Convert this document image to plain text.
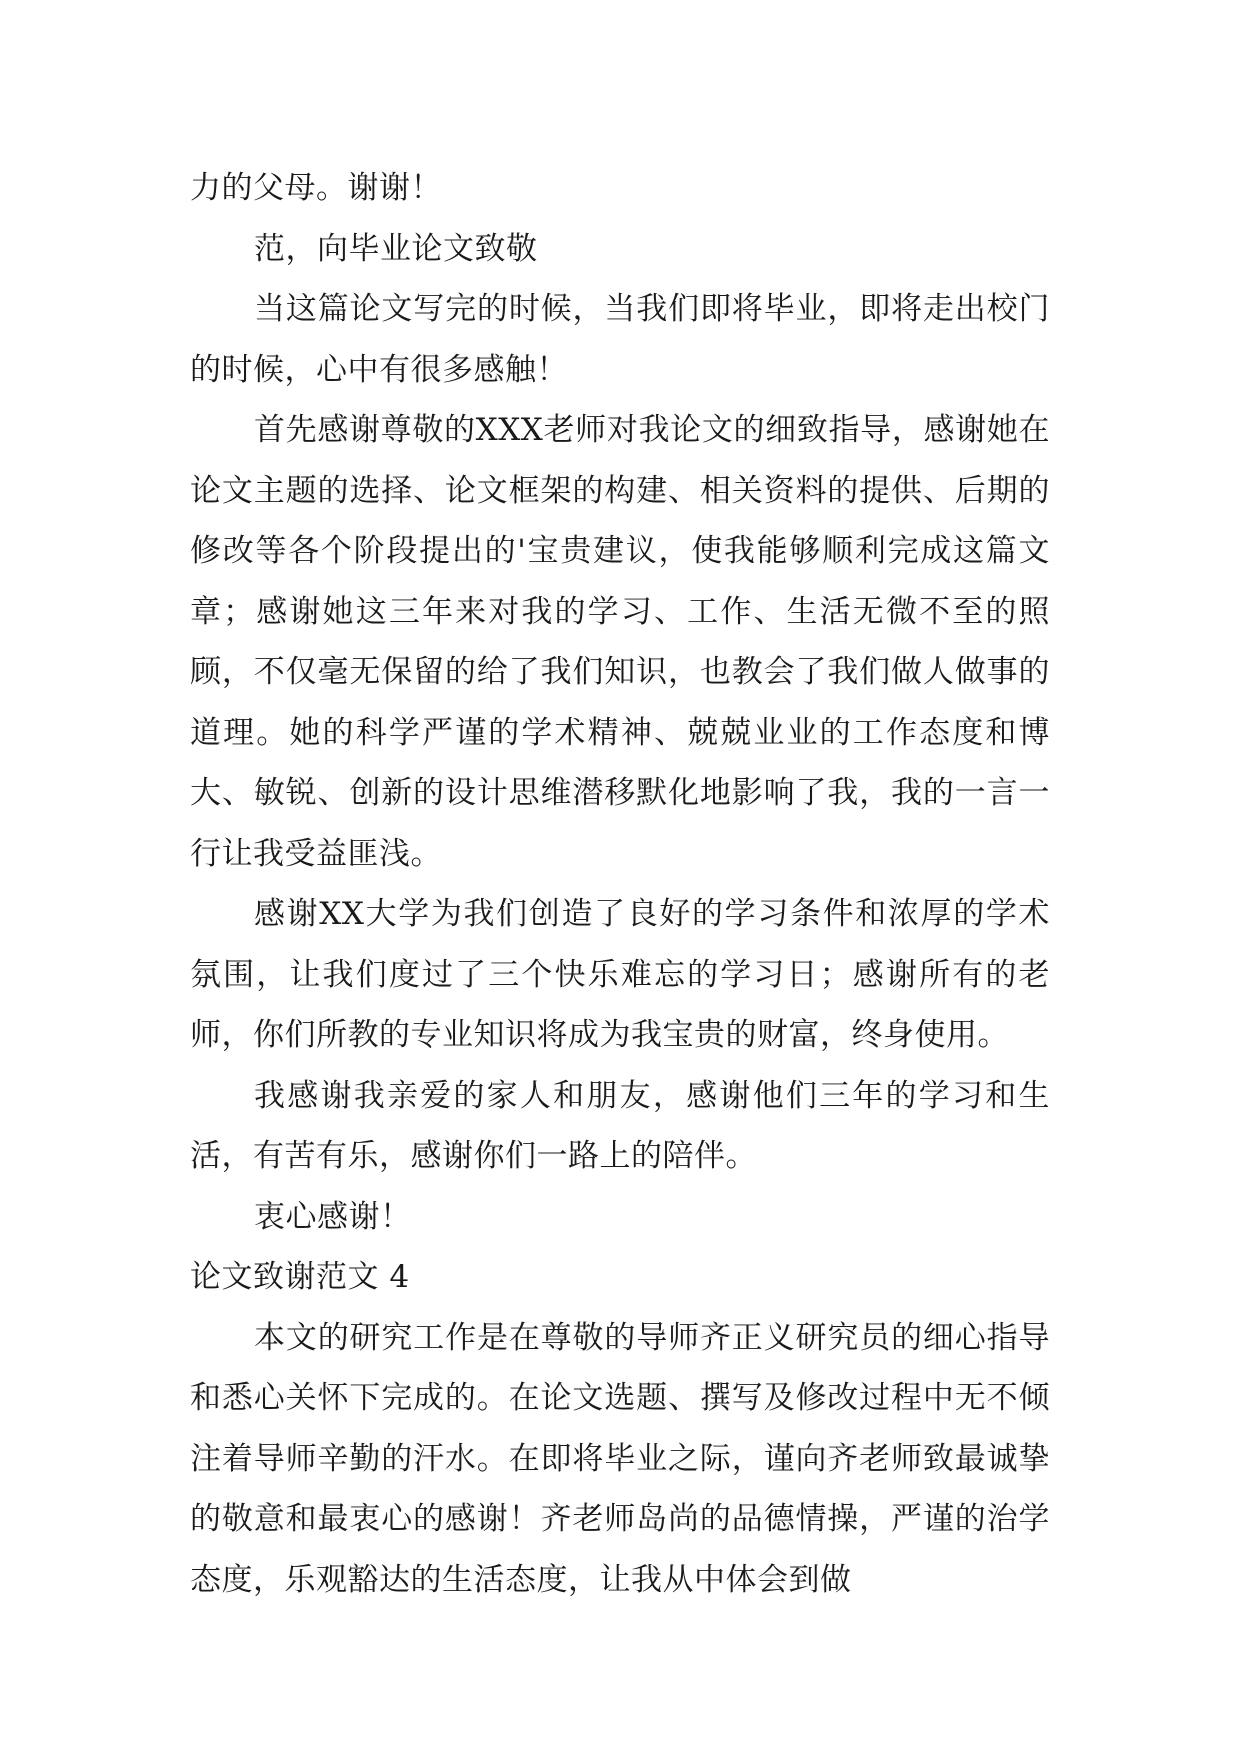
力的父母。谢谢！

范，向毕业论文致敬

当这篇论文写完的时候，当我们即将毕业，即将走出校门的时候，心中有很多感触！

首先感谢尊敬的XXX老师对我论文的细致指导，感谢她在论文主题的选择、论文框架的构建、相关资料的提供、后期的修改等各个阶段提出的'宝贵建议，使我能够顺利完成这篇文章；感谢她这三年来对我的学习、工作、生活无微不至的照顾，不仅毫无保留的给了我们知识，也教会了我们做人做事的道理。她的科学严谨的学术精神、兢兢业业的工作态度和博大、敏锐、创新的设计思维潜移默化地影响了我，我的一言一行让我受益匪浅。

感谢XX大学为我们创造了良好的学习条件和浓厚的学术氛围，让我们度过了三个快乐难忘的学习日；感谢所有的老师，你们所教的专业知识将成为我宝贵的财富，终身使用。

我感谢我亲爱的家人和朋友，感谢他们三年的学习和生活，有苦有乐，感谢你们一路上的陪伴。

衷心感谢！

论文致谢范文 4

本文的研究工作是在尊敬的导师齐正义研究员的细心指导和悉心关怀下完成的。在论文选题、撰写及修改过程中无不倾注着导师辛勤的汗水。在即将毕业之际，谨向齐老师致最诚挚的敬意和最衷心的感谢！齐老师岛尚的品德情操，严谨的治学态度，乐观豁达的生活态度，让我从中体会到做
